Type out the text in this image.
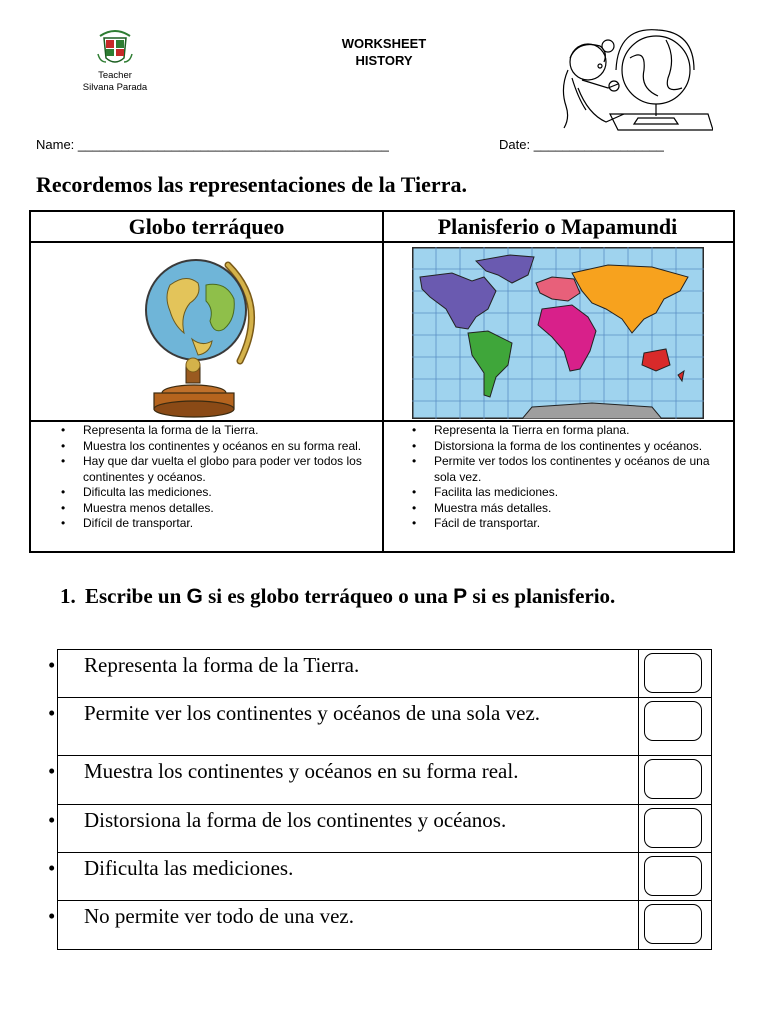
Teacher
Silvana Parada
WORKSHEET
HISTORY
Name: ___________________________________________	Date: __________________
Recordemos las representaciones de la Tierra.
Globo terráqueo	Planisferio o Mapamundi
• Representa la forma de la Tierra.
• Muestra los continentes y océanos en su forma real.
• Hay que dar vuelta el globo para poder ver todos los continentes y océanos.
• Dificulta las mediciones.
• Muestra menos detalles.
• Difícil de transportar.
• Representa la Tierra en forma plana.
• Distorsiona la forma de los continentes y océanos.
• Permite ver todos los continentes y océanos de una sola vez.
• Facilita las mediciones.
• Muestra más detalles.
• Fácil de transportar.
1. Escribe un G si es globo terráqueo o una P si es planisferio.
• Representa la forma de la Tierra.	

• Permite ver los continentes y océanos de una sola vez.	

• Muestra los continentes y océanos en su forma real.	

• Distorsiona la forma de los continentes y océanos.	

• Dificulta las mediciones.	

• No permite ver todo de una vez.	
